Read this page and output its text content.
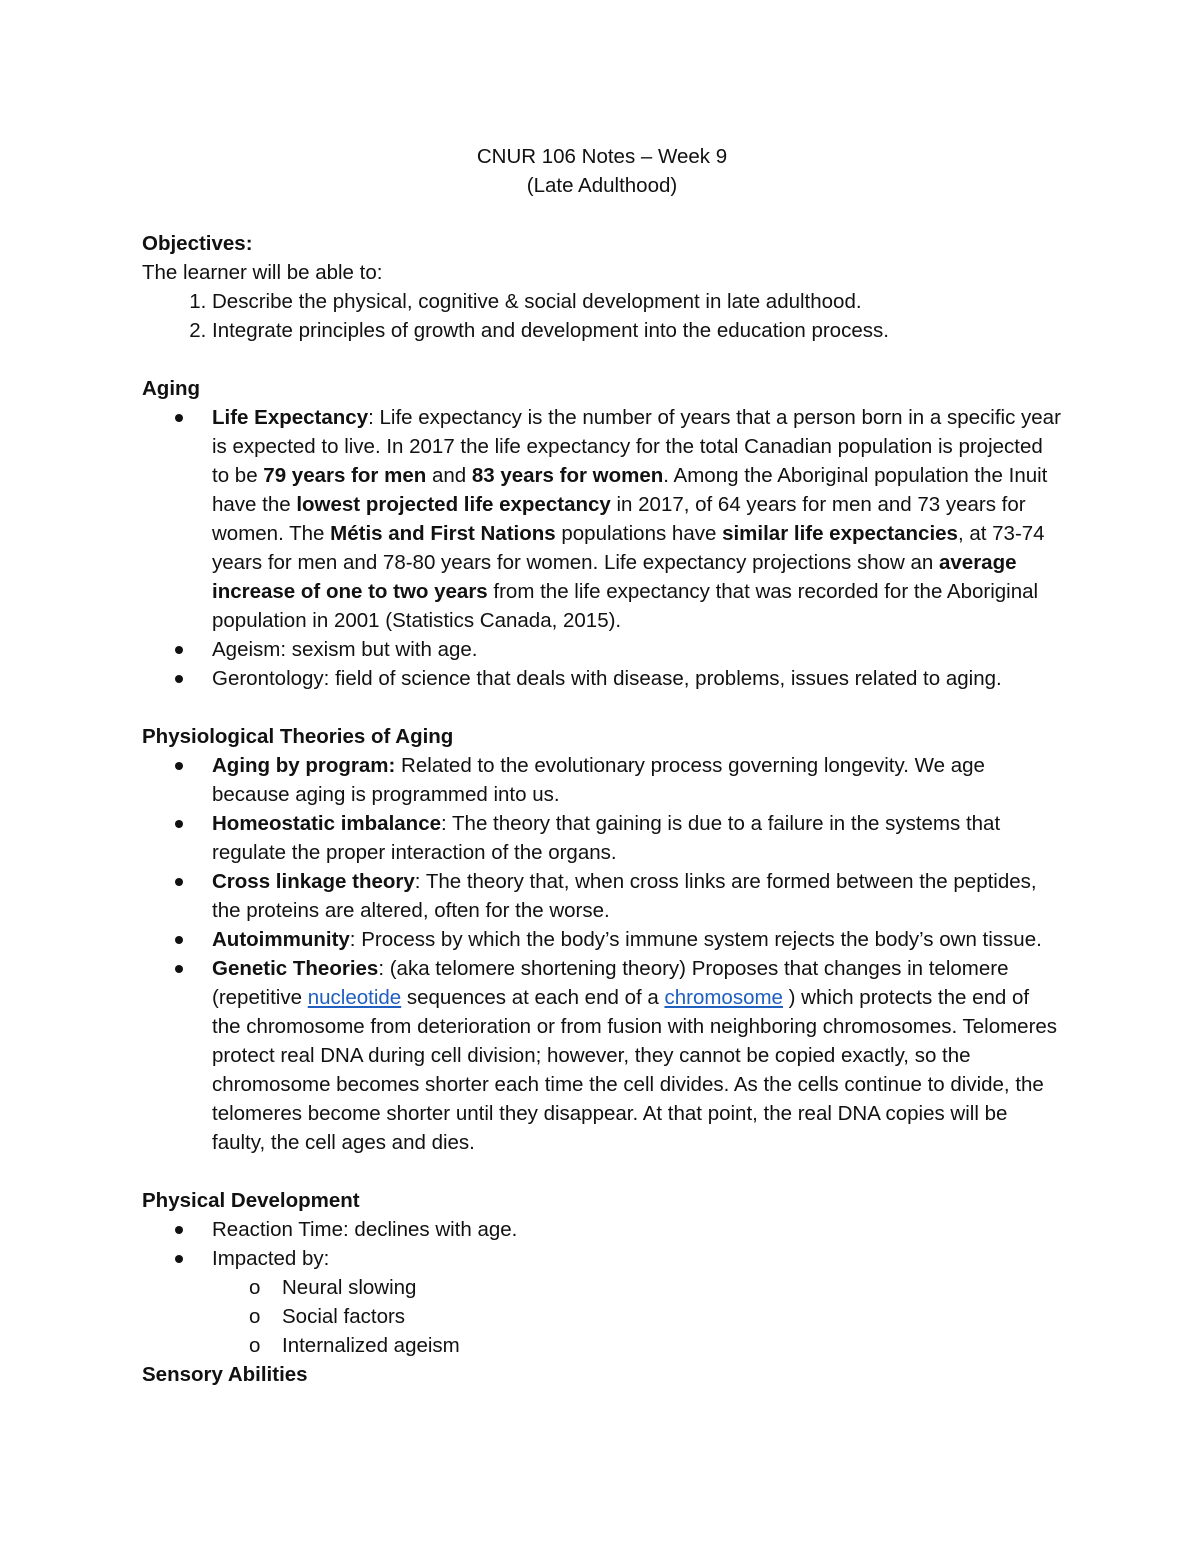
CNUR 106 Notes – Week 9

(Late Adulthood)

Objectives:

The learner will be able to:

1. Describe the physical, cognitive & social development in late adulthood.
2. Integrate principles of growth and development into the education process.

Aging

Life Expectancy: Life expectancy is the number of years that a person born in a specific year is expected to live. In 2017 the life expectancy for the total Canadian population is projected to be 79 years for men and 83 years for women. Among the Aboriginal population the Inuit have the lowest projected life expectancy in 2017, of 64 years for men and 73 years for women. The Métis and First Nations populations have similar life expectancies, at 73-74 years for men and 78-80 years for women. Life expectancy projections show an average increase of one to two years from the life expectancy that was recorded for the Aboriginal population in 2001 (Statistics Canada, 2015).
Ageism: sexism but with age.
Gerontology: field of science that deals with disease, problems, issues related to aging.

Physiological Theories of Aging

Aging by program: Related to the evolutionary process governing longevity. We age because aging is programmed into us.
Homeostatic imbalance: The theory that gaining is due to a failure in the systems that regulate the proper interaction of the organs.
Cross linkage theory: The theory that, when cross links are formed between the peptides, the proteins are altered, often for the worse.
Autoimmunity: Process by which the body’s immune system rejects the body’s own tissue.
Genetic Theories: (aka telomere shortening theory) Proposes that changes in telomere (repetitive nucleotide sequences at each end of a chromosome ) which protects the end of the chromosome from deterioration or from fusion with neighboring chromosomes. Telomeres protect real DNA during cell division; however, they cannot be copied exactly, so the chromosome becomes shorter each time the cell divides. As the cells continue to divide, the telomeres become shorter until they disappear. At that point, the real DNA copies will be faulty, the cell ages and dies.

Physical Development

Reaction Time: declines with age.
Impacted by:
o Neural slowing
o Social factors
o Internalized ageism

Sensory Abilities
